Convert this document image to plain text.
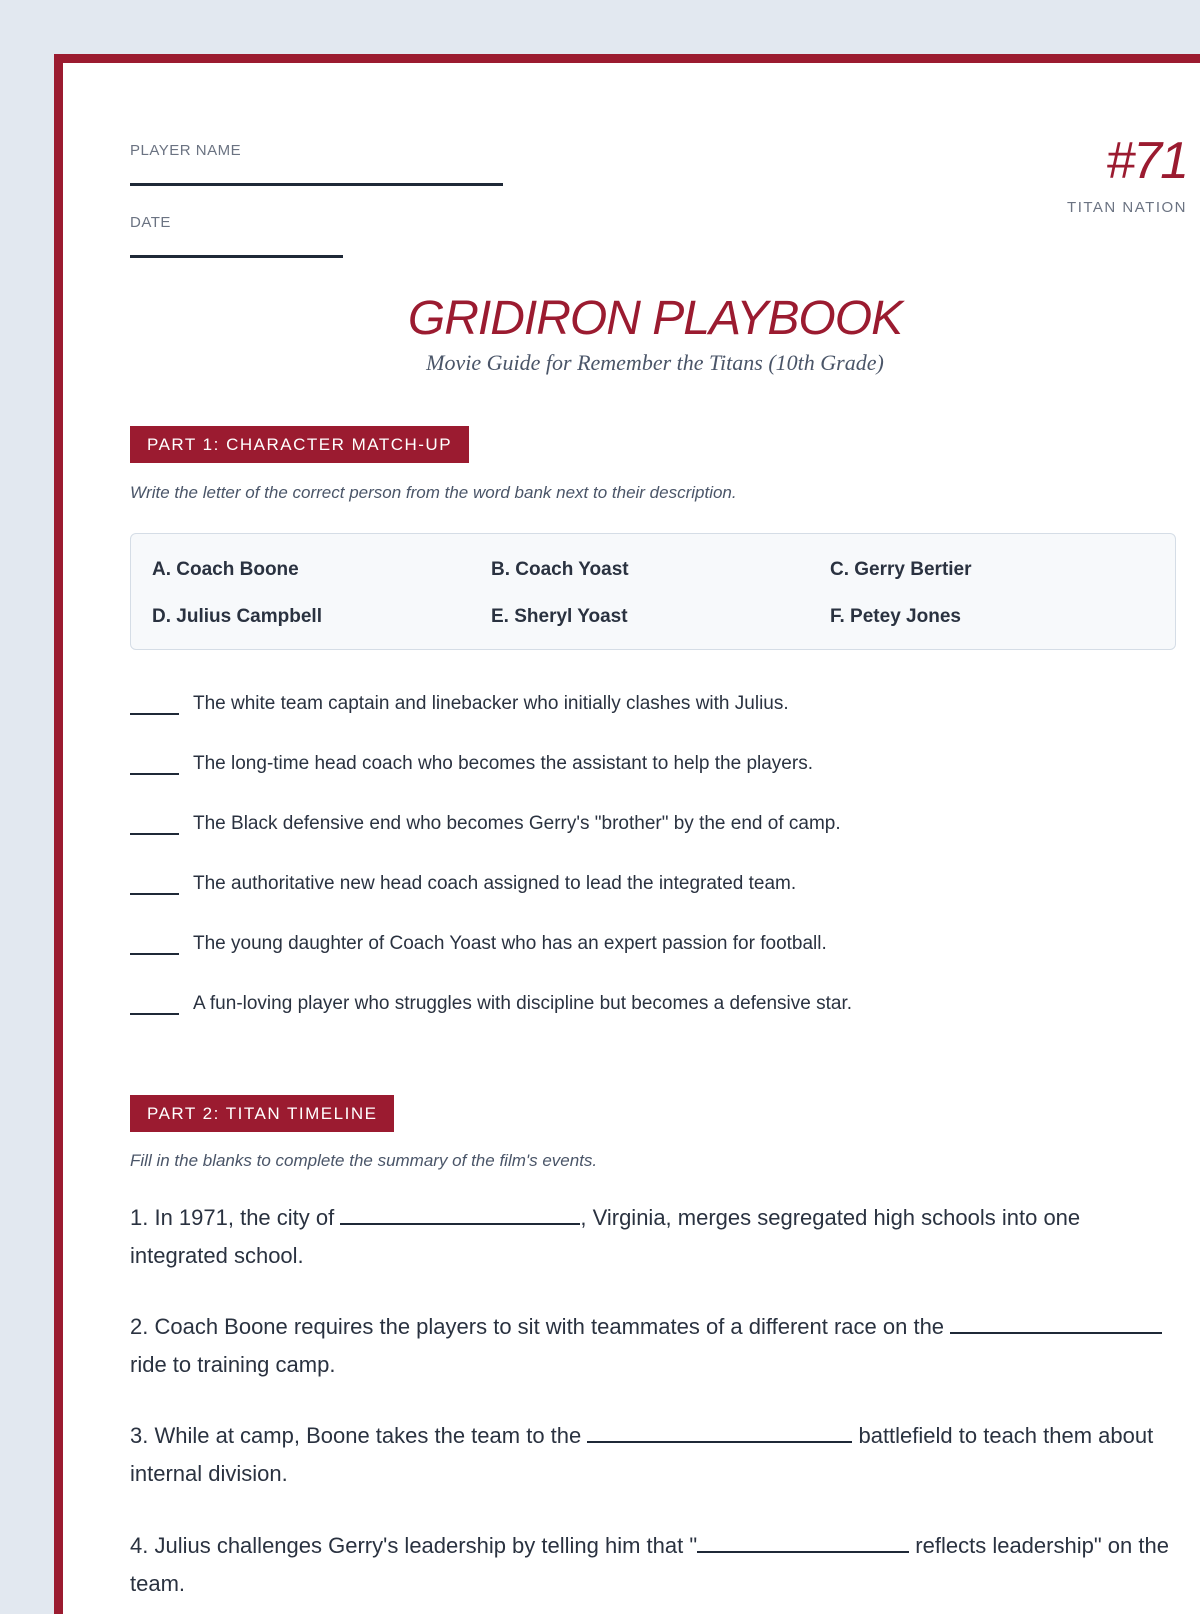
PLAYER NAME
DATE
#71
TITAN NATION
GRIDIRON PLAYBOOK
Movie Guide for Remember the Titans (10th Grade)
PART 1: CHARACTER MATCH-UP
Write the letter of the correct person from the word bank next to their description.
A. Coach Boone	B. Coach Yoast	C. Gerry Bertier
D. Julius Campbell	E. Sheryl Yoast	F. Petey Jones
The white team captain and linebacker who initially clashes with Julius.
The long-time head coach who becomes the assistant to help the players.
The Black defensive end who becomes Gerry's "brother" by the end of camp.
The authoritative new head coach assigned to lead the integrated team.
The young daughter of Coach Yoast who has an expert passion for football.
A fun-loving player who struggles with discipline but becomes a defensive star.
PART 2: TITAN TIMELINE
Fill in the blanks to complete the summary of the film's events.
1. In 1971, the city of	, Virginia, merges segregated high schools into one integrated school.
2. Coach Boone requires the players to sit with teammates of a different race on the  ride to training camp.
3. While at camp, Boone takes the team to the	battlefield to teach them about internal division.
4. Julius challenges Gerry's leadership by telling him that "	reflects leadership" on the team.
